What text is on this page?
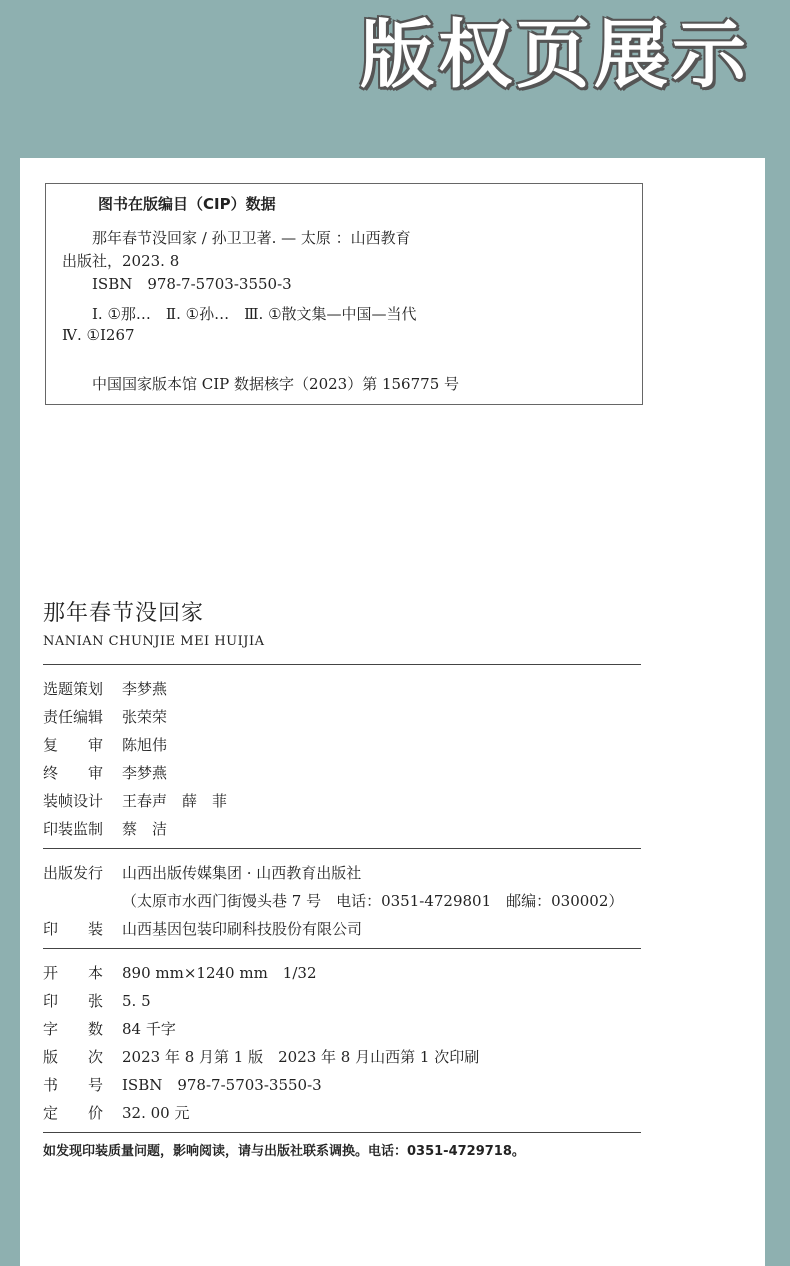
版权页展示
图书在版编目（CIP）数据
那年春节没回家 / 孙卫卫著. — 太原 ：山西教育
出版社，2023. 8
ISBN　978-7-5703-3550-3
Ⅰ. ①那…　Ⅱ. ①孙…　Ⅲ. ①散文集—中国—当代
Ⅳ. ①I267
中国国家版本馆 CIP 数据核字（2023）第 156775 号
那年春节没回家
NANIAN CHUNJIE MEI HUIJIA
选题策划 李梦燕
责任编辑 张荣荣
复　　审 陈旭伟
终　　审 李梦燕
装帧设计 王春声　薛　菲
印装监制 蔡　洁
出版发行 山西出版传媒集团 · 山西教育出版社
（太原市水西门街馒头巷 7 号　电话：0351-4729801　邮编：030002）
印　　装 山西基因包装印刷科技股份有限公司
开　　本 890 mm×1240 mm　1/32
印　　张 5. 5
字　　数 84 千字
版　　次 2023 年 8 月第 1 版　2023 年 8 月山西第 1 次印刷
书　　号 ISBN　978-7-5703-3550-3
定　　价 32. 00 元
如发现印装质量问题，影响阅读，请与出版社联系调换。电话：0351-4729718。
